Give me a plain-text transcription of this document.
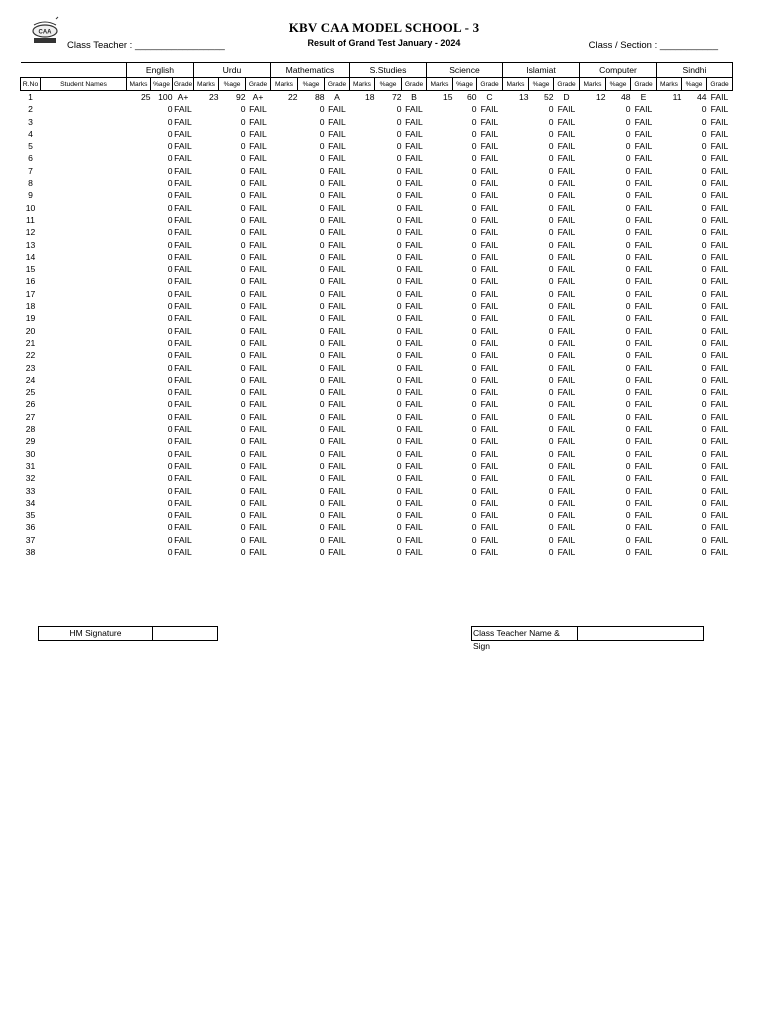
CAA	KBV CAA MODEL SCHOOL - 3
Result of Grand Test January - 2024
Class Teacher : _________________	Class / Section : ___________
		English			Urdu			Mathematics			S.Studies			Science			Islamiat			Computer			Sindhi		
R.No	Student Names	Marks	%age	Grade	Marks	%age	Grade	Marks	%age	Grade	Marks	%age	Grade	Marks	%age	Grade	Marks	%age	Grade	Marks	%age	Grade	Marks	%age	Grade
1		25	100	A+	23	92	A+	22	88	A	18	72	B	15	60	C	13	52	D	12	48	E	11	44	FAIL
2			0	FAIL		0	FAIL		0	FAIL		0	FAIL		0	FAIL		0	FAIL		0	FAIL		0	FAIL
3			0	FAIL		0	FAIL		0	FAIL		0	FAIL		0	FAIL		0	FAIL		0	FAIL		0	FAIL
4			0	FAIL		0	FAIL		0	FAIL		0	FAIL		0	FAIL		0	FAIL		0	FAIL		0	FAIL
5			0	FAIL		0	FAIL		0	FAIL		0	FAIL		0	FAIL		0	FAIL		0	FAIL		0	FAIL
6			0	FAIL		0	FAIL		0	FAIL		0	FAIL		0	FAIL		0	FAIL		0	FAIL		0	FAIL
7			0	FAIL		0	FAIL		0	FAIL		0	FAIL		0	FAIL		0	FAIL		0	FAIL		0	FAIL
8			0	FAIL		0	FAIL		0	FAIL		0	FAIL		0	FAIL		0	FAIL		0	FAIL		0	FAIL
9			0	FAIL		0	FAIL		0	FAIL		0	FAIL		0	FAIL		0	FAIL		0	FAIL		0	FAIL
10			0	FAIL		0	FAIL		0	FAIL		0	FAIL		0	FAIL		0	FAIL		0	FAIL		0	FAIL
11			0	FAIL		0	FAIL		0	FAIL		0	FAIL		0	FAIL		0	FAIL		0	FAIL		0	FAIL
12			0	FAIL		0	FAIL		0	FAIL		0	FAIL		0	FAIL		0	FAIL		0	FAIL		0	FAIL
13			0	FAIL		0	FAIL		0	FAIL		0	FAIL		0	FAIL		0	FAIL		0	FAIL		0	FAIL
14			0	FAIL		0	FAIL		0	FAIL		0	FAIL		0	FAIL		0	FAIL		0	FAIL		0	FAIL
15			0	FAIL		0	FAIL		0	FAIL		0	FAIL		0	FAIL		0	FAIL		0	FAIL		0	FAIL
16			0	FAIL		0	FAIL		0	FAIL		0	FAIL		0	FAIL		0	FAIL		0	FAIL		0	FAIL
17			0	FAIL		0	FAIL		0	FAIL		0	FAIL		0	FAIL		0	FAIL		0	FAIL		0	FAIL
18			0	FAIL		0	FAIL		0	FAIL		0	FAIL		0	FAIL		0	FAIL		0	FAIL		0	FAIL
19			0	FAIL		0	FAIL		0	FAIL		0	FAIL		0	FAIL		0	FAIL		0	FAIL		0	FAIL
20			0	FAIL		0	FAIL		0	FAIL		0	FAIL		0	FAIL		0	FAIL		0	FAIL		0	FAIL
21			0	FAIL		0	FAIL		0	FAIL		0	FAIL		0	FAIL		0	FAIL		0	FAIL		0	FAIL
22			0	FAIL		0	FAIL		0	FAIL		0	FAIL		0	FAIL		0	FAIL		0	FAIL		0	FAIL
23			0	FAIL		0	FAIL		0	FAIL		0	FAIL		0	FAIL		0	FAIL		0	FAIL		0	FAIL
24			0	FAIL		0	FAIL		0	FAIL		0	FAIL		0	FAIL		0	FAIL		0	FAIL		0	FAIL
25			0	FAIL		0	FAIL		0	FAIL		0	FAIL		0	FAIL		0	FAIL		0	FAIL		0	FAIL
26			0	FAIL		0	FAIL		0	FAIL		0	FAIL		0	FAIL		0	FAIL		0	FAIL		0	FAIL
27			0	FAIL		0	FAIL		0	FAIL		0	FAIL		0	FAIL		0	FAIL		0	FAIL		0	FAIL
28			0	FAIL		0	FAIL		0	FAIL		0	FAIL		0	FAIL		0	FAIL		0	FAIL		0	FAIL
29			0	FAIL		0	FAIL		0	FAIL		0	FAIL		0	FAIL		0	FAIL		0	FAIL		0	FAIL
30			0	FAIL		0	FAIL		0	FAIL		0	FAIL		0	FAIL		0	FAIL		0	FAIL		0	FAIL
31			0	FAIL		0	FAIL		0	FAIL		0	FAIL		0	FAIL		0	FAIL		0	FAIL		0	FAIL
32			0	FAIL		0	FAIL		0	FAIL		0	FAIL		0	FAIL		0	FAIL		0	FAIL		0	FAIL
33			0	FAIL		0	FAIL		0	FAIL		0	FAIL		0	FAIL		0	FAIL		0	FAIL		0	FAIL
34			0	FAIL		0	FAIL		0	FAIL		0	FAIL		0	FAIL		0	FAIL		0	FAIL		0	FAIL
35			0	FAIL		0	FAIL		0	FAIL		0	FAIL		0	FAIL		0	FAIL		0	FAIL		0	FAIL
36			0	FAIL		0	FAIL		0	FAIL		0	FAIL		0	FAIL		0	FAIL		0	FAIL		0	FAIL
37			0	FAIL		0	FAIL		0	FAIL		0	FAIL		0	FAIL		0	FAIL		0	FAIL		0	FAIL
38			0	FAIL		0	FAIL		0	FAIL		0	FAIL		0	FAIL		0	FAIL		0	FAIL		0	FAIL
HM Signature	Class Teacher Name & Sign
